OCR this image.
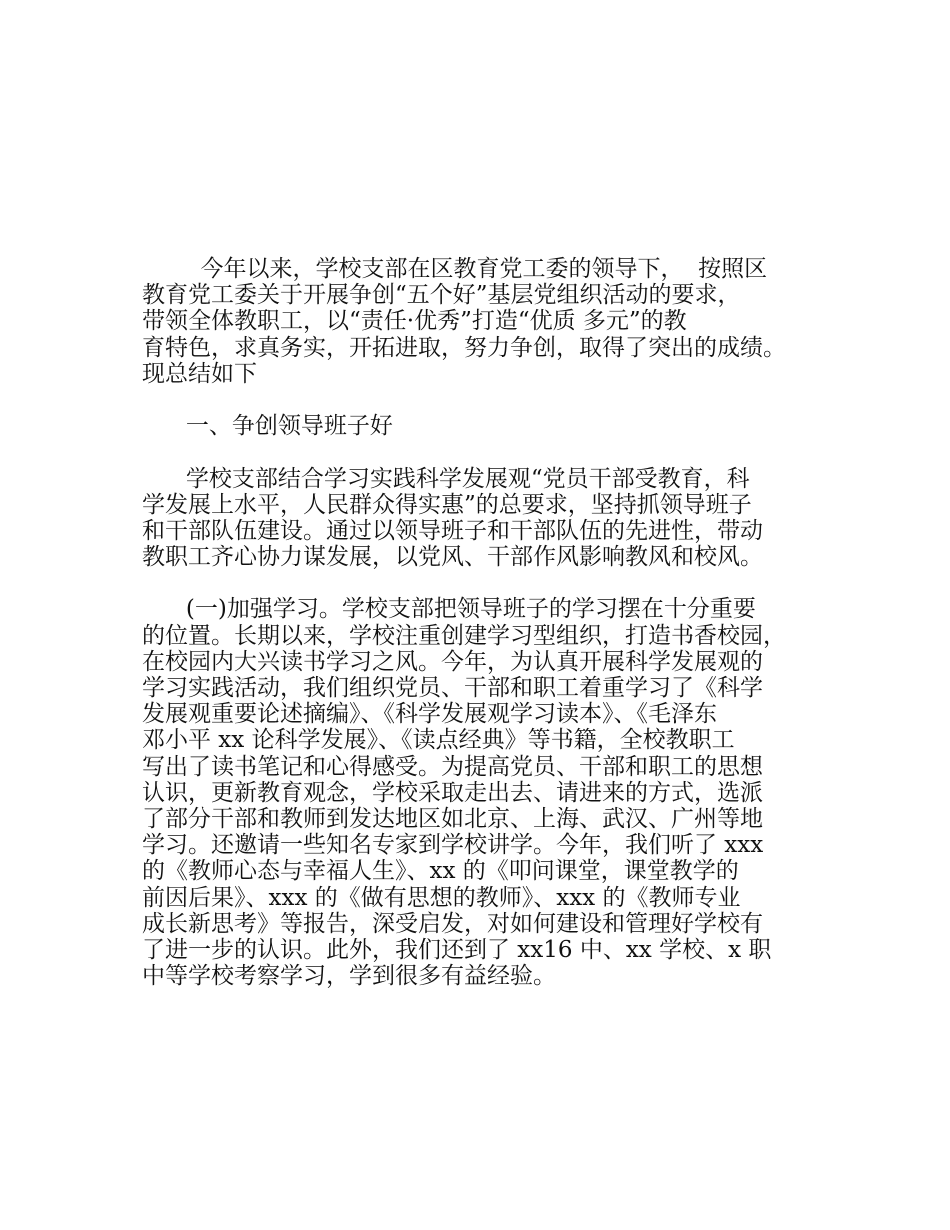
今年以来，学校支部在区教育党工委的领导下，  按照区
教育党工委关于开展争创“五个好”基层党组织活动的要求，
带领全体教职工，以“责任·优秀”打造“优质 多元”的教
育特色，求真务实，开拓进取，努力争创，取得了突出的成绩。
现总结如下
一、争创领导班子好
学校支部结合学习实践科学发展观“党员干部受教育，科
学发展上水平，人民群众得实惠”的总要求，坚持抓领导班子
和干部队伍建设。通过以领导班子和干部队伍的先进性，带动
教职工齐心协力谋发展，以党风、干部作风影响教风和校风。
(一)加强学习。学校支部把领导班子的学习摆在十分重要
的位置。长期以来，学校注重创建学习型组织，打造书香校园，
在校园内大兴读书学习之风。今年，为认真开展科学发展观的
学习实践活动，我们组织党员、干部和职工着重学习了《科学
发展观重要论述摘编》、《科学发展观学习读本》、《毛泽东
邓小平 xx 论科学发展》、《读点经典》等书籍，全校教职工
写出了读书笔记和心得感受。为提高党员、干部和职工的思想
认识，更新教育观念，学校采取走出去、请进来的方式，选派
了部分干部和教师到发达地区如北京、上海、武汉、广州等地
学习。还邀请一些知名专家到学校讲学。今年，我们听了 xxx
的《教师心态与幸福人生》、xx 的《叩问课堂，课堂教学的
前因后果》、xxx 的《做有思想的教师》、xxx 的《教师专业
成长新思考》等报告，深受启发，对如何建设和管理好学校有
了进一步的认识。此外，我们还到了 xx16 中、xx 学校、x 职
中等学校考察学习，学到很多有益经验。
